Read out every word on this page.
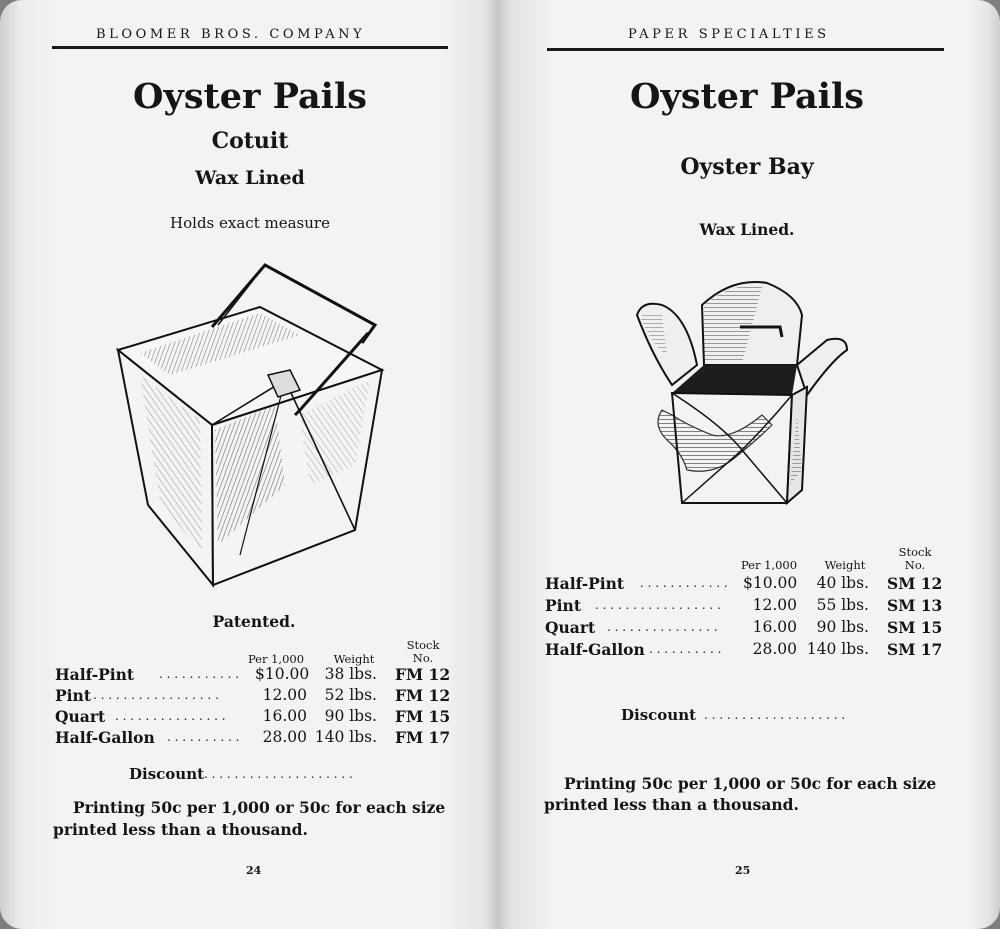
BLOOMER BROS. COMPANY
Oyster Pails
Cotuit
Wax Lined
Holds exact measure
Patented.
Per 1,000	Weight
Stock
No.
Half-Pint . . . . . . . . . . . $10.00 38 lbs. FM 12
Pint . . . . . . . . . . . . . . . . .	12.00	52 lbs. FM 12
Quart . . . . . . . . . . . . . . .	16.00	90 lbs. FM 15
Half-Gallon . . . . . . . . . .	28.00 140 lbs. FM 17
Discount . . . . . . . . . . . . . . . . . . . .
Printing 50c per 1,000 or 50c for each size
printed less than a thousand.
24
PAPER SPECIALTIES
Oyster Pails
Oyster Bay
Wax Lined.
Per 1,000	Weight
Stock
No.
Half-Pint . . . . . . . . . . . . $10.00	40 lbs. SM 12
Pint . . . . . . . . . . . . . . . . .	12.00	55 lbs. SM 13
Quart . . . . . . . . . . . . . . .	16.00	90 lbs. SM 15
Half-Gallon . . . . . . . . . .	28.00 140 lbs. SM 17
Discount . . . . . . . . . . . . . . . . . . .
Printing 50c per 1,000 or 50c for each size
printed less than a thousand.
25
